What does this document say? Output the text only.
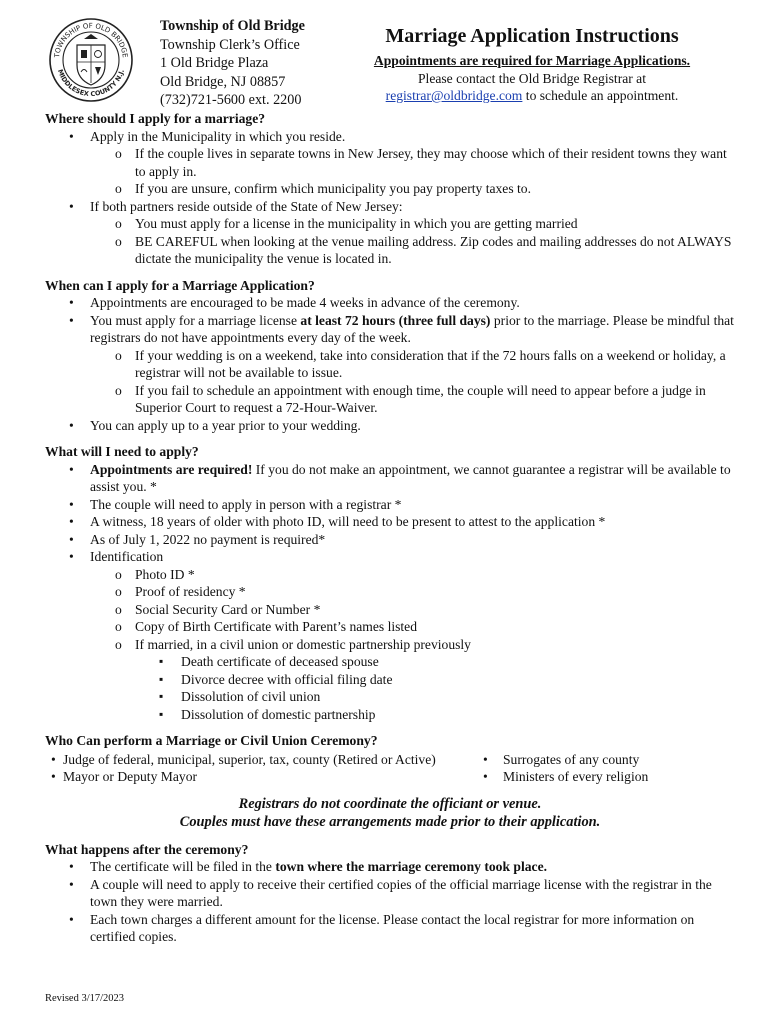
TOWNSHIP OF OLD BRIDGE
MIDDLESEX COUNTY N.J.
Township of Old Bridge
Township Clerk’s Office
1 Old Bridge Plaza
Old Bridge, NJ 08857
(732)721-5600 ext. 2200
Marriage Application Instructions
Appointments are required for Marriage Applications.
Please contact the Old Bridge Registrar at
registrar@oldbridge.com to schedule an appointment.
Where should I apply for a marriage?
• Apply in the Municipality in which you reside.
o If the couple lives in separate towns in New Jersey, they may choose which of their resident towns they want to apply in.
o If you are unsure, confirm which municipality you pay property taxes to.
• If both partners reside outside of the State of New Jersey:
o You must apply for a license in the municipality in which you are getting married
o BE CAREFUL when looking at the venue mailing address. Zip codes and mailing addresses do not ALWAYS dictate the municipality the venue is located in.
When can I apply for a Marriage Application?
• Appointments are encouraged to be made 4 weeks in advance of the ceremony.
• You must apply for a marriage license at least 72 hours (three full days) prior to the marriage. Please be mindful that registrars do not have appointments every day of the week.
o If your wedding is on a weekend, take into consideration that if the 72 hours falls on a weekend or holiday, a registrar will not be available to issue.
o If you fail to schedule an appointment with enough time, the couple will need to appear before a judge in Superior Court to request a 72-Hour-Waiver.
• You can apply up to a year prior to your wedding.
What will I need to apply?
• Appointments are required! If you do not make an appointment, we cannot guarantee a registrar will be available to assist you. *
• The couple will need to apply in person with a registrar *
• A witness, 18 years of older with photo ID, will need to be present to attest to the application *
• As of July 1, 2022 no payment is required*
• Identification
o Photo ID *
o Proof of residency *
o Social Security Card or Number *
o Copy of Birth Certificate with Parent’s names listed
o If married, in a civil union or domestic partnership previously
▪ Death certificate of deceased spouse
▪ Divorce decree with official filing date
▪ Dissolution of civil union
▪ Dissolution of domestic partnership
Who Can perform a Marriage or Civil Union Ceremony?
• Judge of federal, municipal, superior, tax, county (Retired or Active)
• Mayor or Deputy Mayor
• Surrogates of any county
• Ministers of every religion
Registrars do not coordinate the officiant or venue.
Couples must have these arrangements made prior to their application.
What happens after the ceremony?
• The certificate will be filed in the town where the marriage ceremony took place.
• A couple will need to apply to receive their certified copies of the official marriage license with the registrar in the town they were married.
• Each town charges a different amount for the license. Please contact the local registrar for more information on certified copies.
Revised 3/17/2023
